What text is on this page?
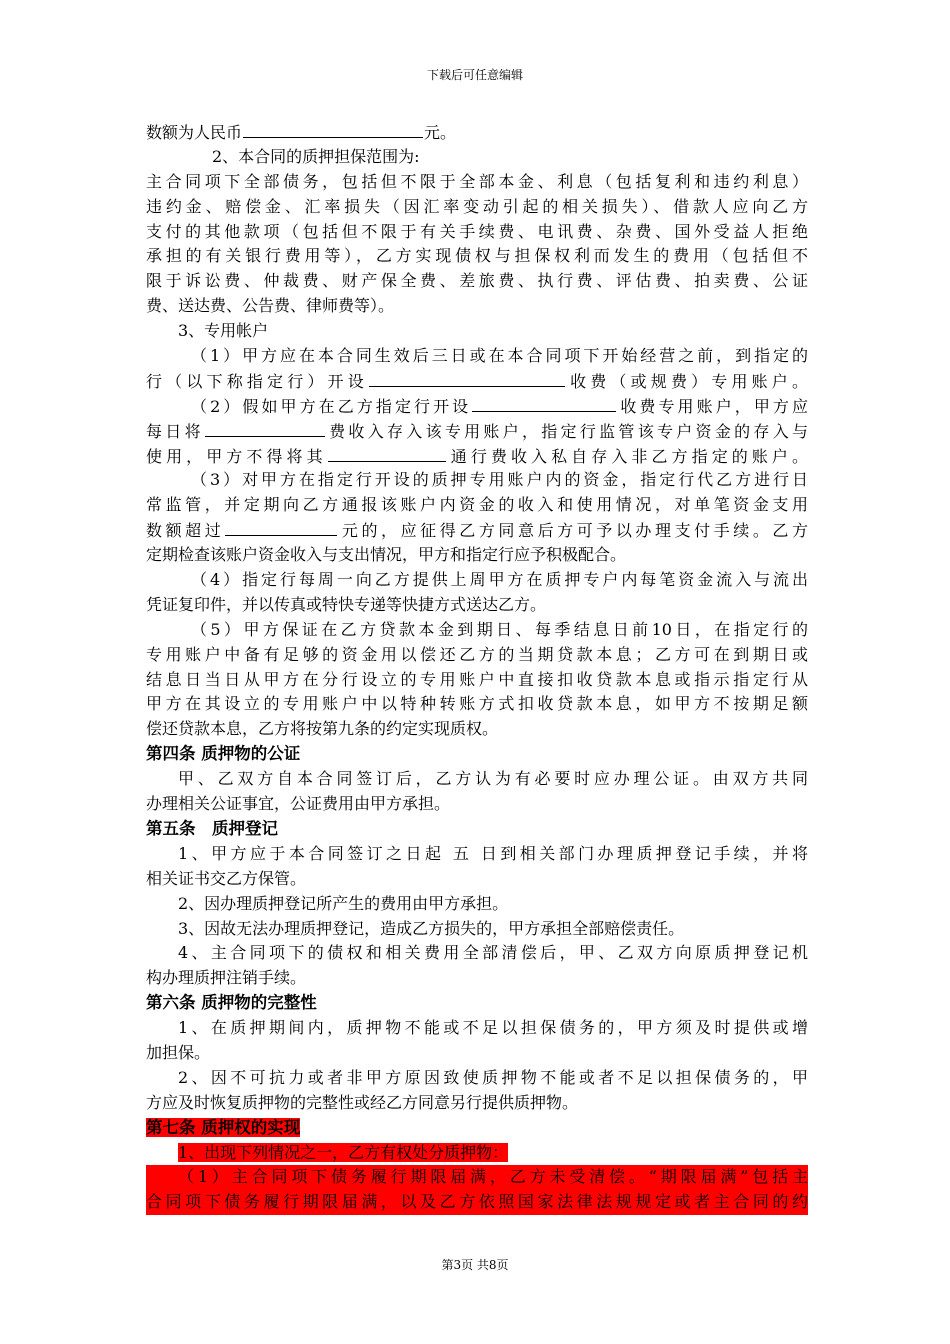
下载后可任意编辑
数额为人民币	元。
2、本合同的质押担保范围为:
主合同项下全部债务，包括但不限于全部本金、利息（包括复利和违约利息）
违约金、赔偿金、汇率损失（因汇率变动引起的相关损失）、借款人应向乙方
支付的其他款项（包括但不限于有关手续费、电讯费、杂费、国外受益人拒绝
承担的有关银行费用等），乙方实现债权与担保权利而发生的费用（包括但不
限于诉讼费、仲裁费、财产保全费、差旅费、执行费、评估费、拍卖费、公证
费、送达费、公告费、律师费等）。
3、专用帐户
（1）甲方应在本合同生效后三日或在本合同项下开始经营之前，到指定的
行（以下称指定行）开设	收费（或规费）专用账户。
（2）假如甲方在乙方指定行开设	收费专用账户，甲方应
每日将	费收入存入该专用账户，指定行监管该专户资金的存入与
使用，甲方不得将其	通行费收入私自存入非乙方指定的账户。
（3）对甲方在指定行开设的质押专用账户内的资金，指定行代乙方进行日
常监管，并定期向乙方通报该账户内资金的收入和使用情况，对单笔资金支用
数额超过	元的，应征得乙方同意后方可予以办理支付手续。乙方
定期检查该账户资金收入与支出情况，甲方和指定行应予积极配合。
（4）指定行每周一向乙方提供上周甲方在质押专户内每笔资金流入与流出
凭证复印件，并以传真或特快专递等快捷方式送达乙方。
（5）甲方保证在乙方贷款本金到期日、每季结息日前10日，在指定行的
专用账户中备有足够的资金用以偿还乙方的当期贷款本息；乙方可在到期日或
结息日当日从甲方在分行设立的专用账户中直接扣收贷款本息或指示指定行从
甲方在其设立的专用账户中以特种转账方式扣收贷款本息，如甲方不按期足额
偿还贷款本息，乙方将按第九条的约定实现质权。
第四条 质押物的公证
甲、乙双方自本合同签订后，乙方认为有必要时应办理公证。由双方共同
办理相关公证事宜，公证费用由甲方承担。
第五条　质押登记
1、甲方应于本合同签订之日起 五 日到相关部门办理质押登记手续，并将
相关证书交乙方保管。
2、因办理质押登记所产生的费用由甲方承担。
3、因故无法办理质押登记，造成乙方损失的，甲方承担全部赔偿责任。
4、主合同项下的债权和相关费用全部清偿后，甲、乙双方向原质押登记机
构办理质押注销手续。
第六条 质押物的完整性
1、在质押期间内，质押物不能或不足以担保债务的，甲方须及时提供或增
加担保。
2、因不可抗力或者非甲方原因致使质押物不能或者不足以担保债务的，甲
方应及时恢复质押物的完整性或经乙方同意另行提供质押物。
第七条 质押权的实现
1、出现下列情况之一，乙方有权处分质押物：
（1）主合同项下债务履行期限届满，乙方未受清偿。“期限届满”包括主
合同项下债务履行期限届满，以及乙方依照国家法律法规规定或者主合同的约
第3页 共8页
